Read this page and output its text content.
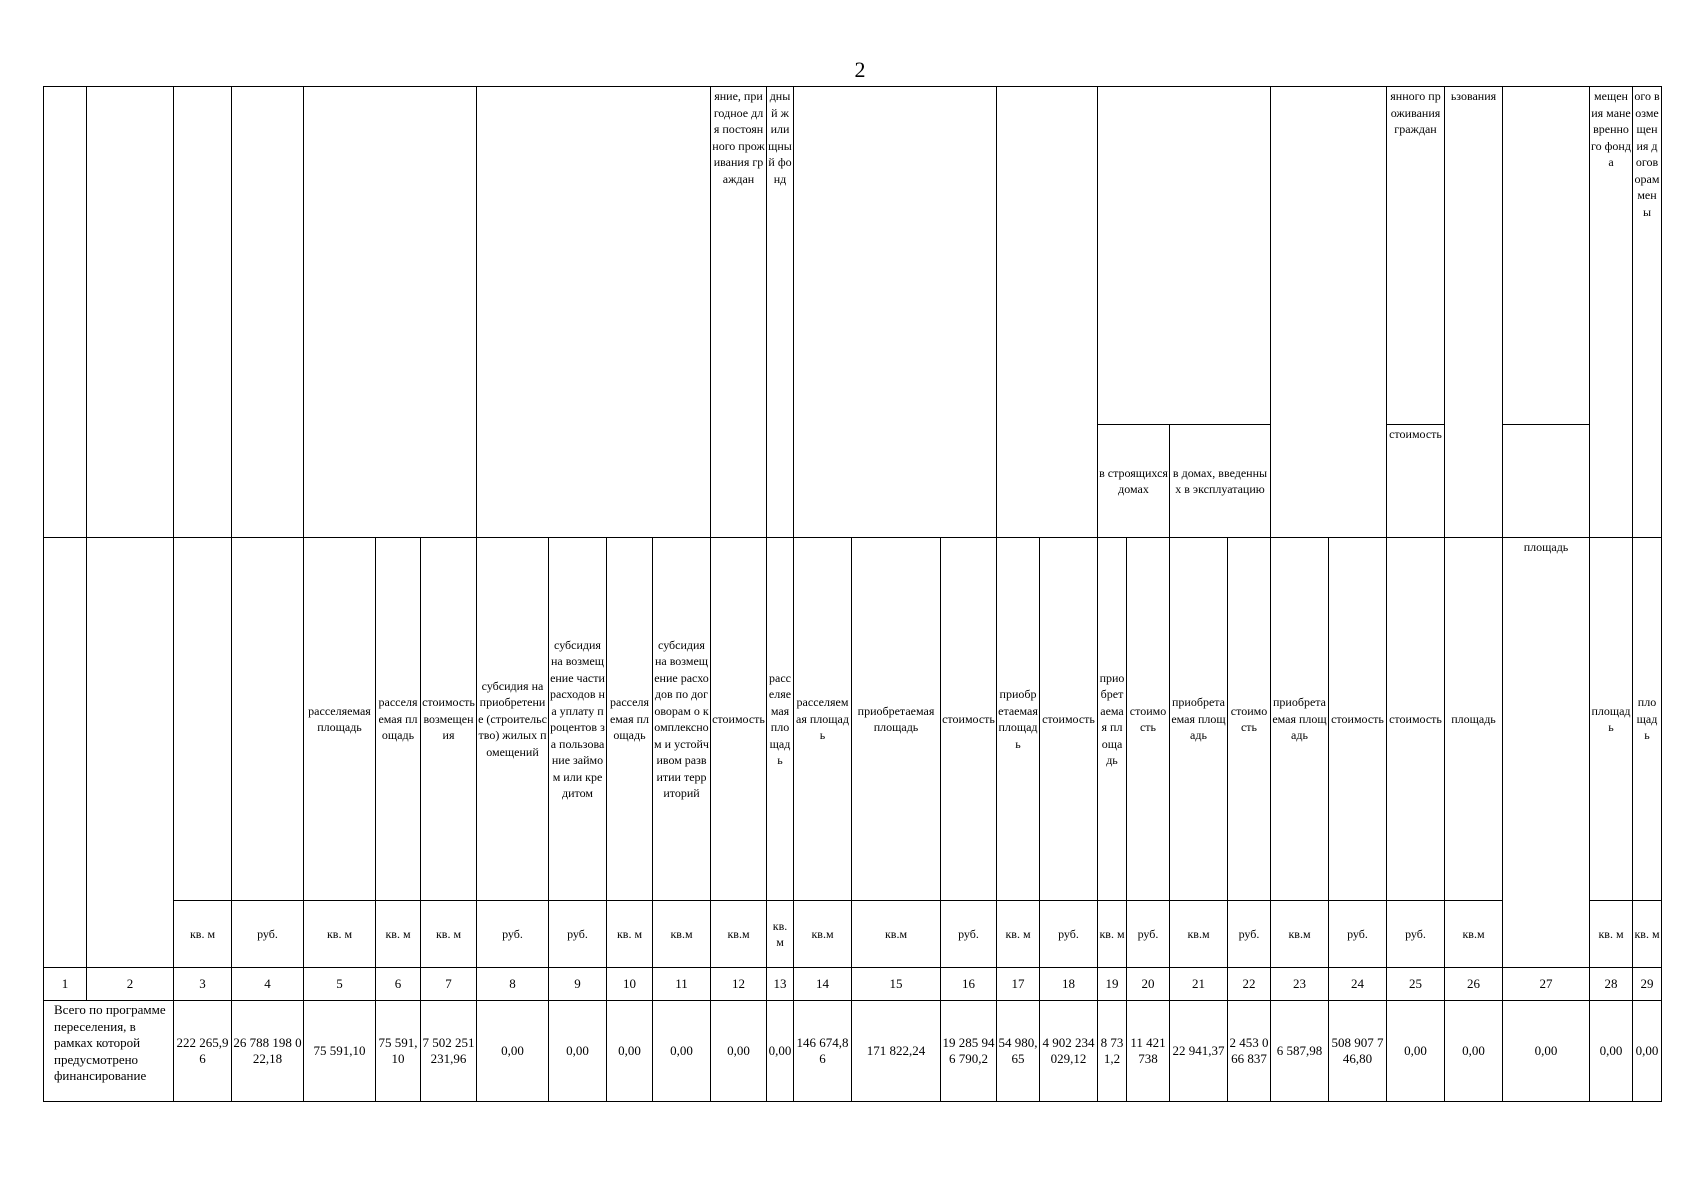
2
											яние, пригодное для постоянного проживания граждан	дный жилищный фонд												янного проживания граждан	ьзования		мещения маневренного фонда	ого возмещения договорам мены
																		в строящихся домах		в домах, введенных в эксплуатацию				стоимость				
				расселяемая площадь	расселяемая площадь	стоимость возмещения	субсидия на приобретение (строительство) жилых помещений	субсидия на возмещение части расходов на уплату процентов за пользование займом или кредитом	расселяемая площадь	субсидия на возмещение расходов по договорам о комплексном и устойчивом развитии территорий	стоимость	расселяемая площадь	расселяемая площадь	приобретаемая площадь	стоимость	приобретаемая площадь	стоимость	приобретаемая площадь	стоимость	приобретаемая площадь	стоимость	приобретаемая площадь	стоимость	стоимость	площадь	площадь	площадь	площадь
		кв. м	руб.	кв. м	кв. м	кв. м	руб.	руб.	кв. м	кв.м	кв.м	кв. м	кв.м	кв.м	руб.	кв. м	руб.	кв. м	руб.	кв.м	руб.	кв.м	руб.	руб.	кв.м		кв. м	кв. м
1	2	3	4	5	6	7	8	9	10	11	12	13	14	15	16	17	18	19	20	21	22	23	24	25	26	27	28	29
Всего по программе переселения, в рамках которой предусмотрено финансирование		222 265,96	26 788 198 022,18	75 591,10	75 591,10	7 502 251 231,96	0,00	0,00	0,00	0,00	0,00	0,00	146 674,86	171 822,24	19 285 946 790,2	54 980,65	4 902 234 029,12	8 731,2	11 421 738	22 941,37	2 453 066 837	6 587,98	508 907 746,80	0,00	0,00	0,00	0,00	0,00
